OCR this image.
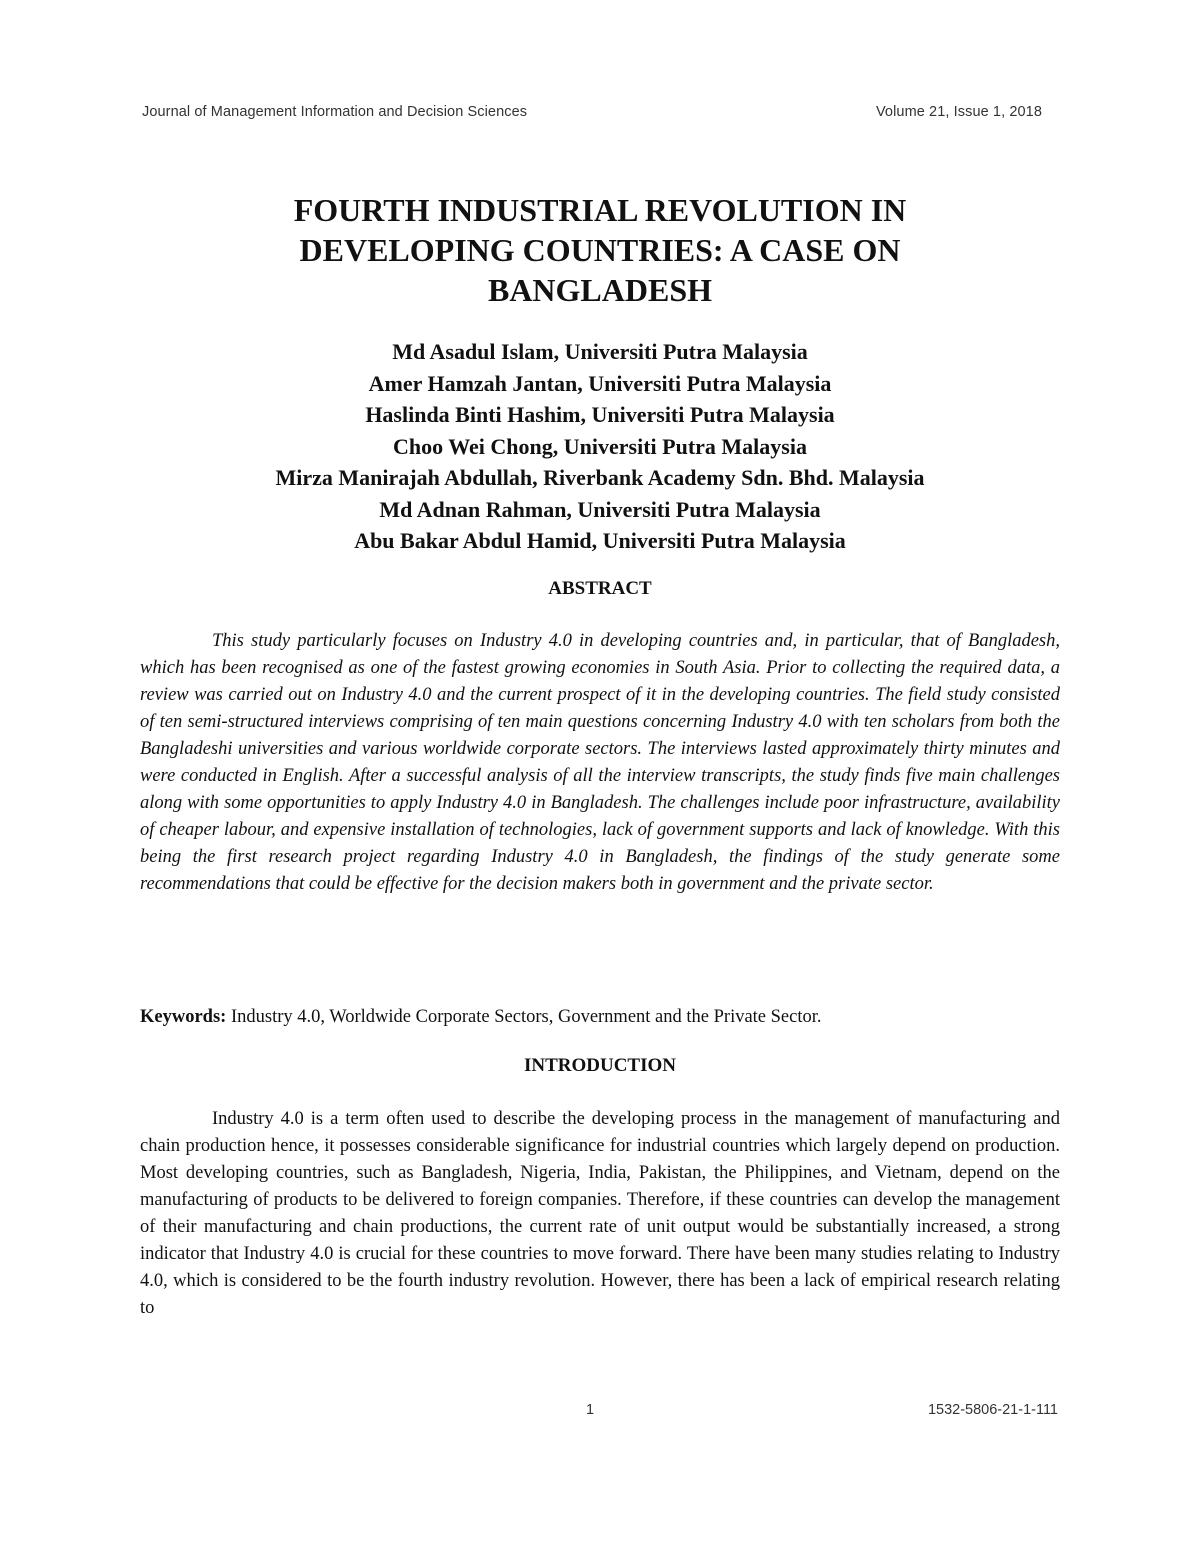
Journal of Management Information and Decision Sciences	Volume 21, Issue 1, 2018
FOURTH INDUSTRIAL REVOLUTION IN
DEVELOPING COUNTRIES: A CASE ON
BANGLADESH
Md Asadul Islam, Universiti Putra Malaysia
Amer Hamzah Jantan, Universiti Putra Malaysia
Haslinda Binti Hashim, Universiti Putra Malaysia
Choo Wei Chong, Universiti Putra Malaysia
Mirza Manirajah Abdullah, Riverbank Academy Sdn. Bhd. Malaysia
Md Adnan Rahman, Universiti Putra Malaysia
Abu Bakar Abdul Hamid, Universiti Putra Malaysia
ABSTRACT

This study particularly focuses on Industry 4.0 in developing countries and, in particular, that of Bangladesh, which has been recognised as one of the fastest growing economies in South Asia. Prior to collecting the required data, a review was carried out on Industry 4.0 and the current prospect of it in the developing countries. The field study consisted of ten semi-structured interviews comprising of ten main questions concerning Industry 4.0 with ten scholars from both the Bangladeshi universities and various worldwide corporate sectors. The interviews lasted approximately thirty minutes and were conducted in English. After a successful analysis of all the interview transcripts, the study finds five main challenges along with some opportunities to apply Industry 4.0 in Bangladesh. The challenges include poor infrastructure, availability of cheaper labour, and expensive installation of technologies, lack of government supports and lack of knowledge. With this being the first research project regarding Industry 4.0 in Bangladesh, the findings of the study generate some recommendations that could be effective for the decision makers both in government and the private sector.

Keywords: Industry 4.0, Worldwide Corporate Sectors, Government and the Private Sector.

INTRODUCTION

Industry 4.0 is a term often used to describe the developing process in the management of manufacturing and chain production hence, it possesses considerable significance for industrial countries which largely depend on production. Most developing countries, such as Bangladesh, Nigeria, India, Pakistan, the Philippines, and Vietnam, depend on the manufacturing of products to be delivered to foreign companies. Therefore, if these countries can develop the management of their manufacturing and chain productions, the current rate of unit output would be substantially increased, a strong indicator that Industry 4.0 is crucial for these countries to move forward. There have been many studies relating to Industry 4.0, which is considered to be the fourth industry revolution. However, there has been a lack of empirical research relating to

1	1532-5806-21-1-111
